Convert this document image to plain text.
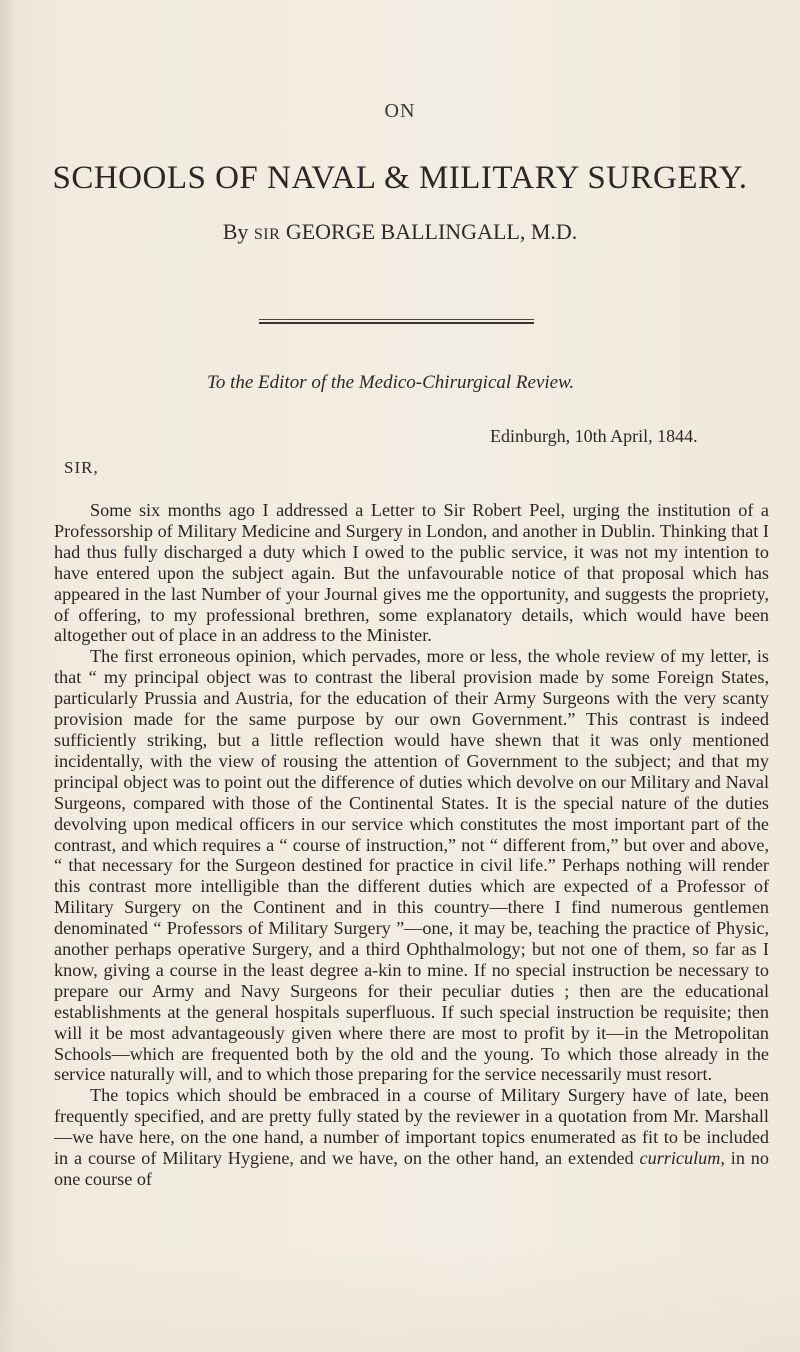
ON
SCHOOLS OF NAVAL & MILITARY SURGERY.
By SIR GEORGE BALLINGALL, M.D.
To the Editor of the Medico-Chirurgical Review.
Edinburgh, 10th April, 1844.
SIR,

Some six months ago I addressed a Letter to Sir Robert Peel, urging the institution of a Professorship of Military Medicine and Surgery in London, and another in Dublin. Thinking that I had thus fully discharged a duty which I owed to the public service, it was not my intention to have entered upon the subject again. But the unfavourable notice of that proposal which has appeared in the last Number of your Journal gives me the opportunity, and suggests the propriety, of offering, to my professional brethren, some explanatory details, which would have been altogether out of place in an address to the Minister.

The first erroneous opinion, which pervades, more or less, the whole review of my letter, is that “ my principal object was to contrast the liberal provision made by some Foreign States, particularly Prussia and Austria, for the education of their Army Surgeons with the very scanty provision made for the same purpose by our own Government.” This contrast is indeed sufficiently striking, but a little reflection would have shewn that it was only mentioned incidentally, with the view of rousing the attention of Government to the subject; and that my principal object was to point out the difference of duties which devolve on our Military and Naval Surgeons, compared with those of the Continental States. It is the special nature of the duties devolving upon medical officers in our service which constitutes the most important part of the contrast, and which requires a “ course of instruction,” not “ different from,” but over and above, “ that necessary for the Surgeon destined for practice in civil life.” Perhaps nothing will render this contrast more intelligible than the different duties which are expected of a Professor of Military Surgery on the Continent and in this country—there I find numerous gentlemen denominated “ Professors of Military Surgery ”—one, it may be, teaching the practice of Physic, another perhaps operative Surgery, and a third Ophthalmology; but not one of them, so far as I know, giving a course in the least degree a-kin to mine. If no special instruction be necessary to prepare our Army and Navy Surgeons for their peculiar duties ; then are the educational establishments at the general hospitals superfluous. If such special instruction be requisite; then will it be most advantageously given where there are most to profit by it—in the Metropolitan Schools—which are frequented both by the old and the young. To which those already in the service naturally will, and to which those preparing for the service necessarily must resort.

The topics which should be embraced in a course of Military Surgery have of late, been frequently specified, and are pretty fully stated by the reviewer in a quotation from Mr. Marshall—we have here, on the one hand, a number of important topics enumerated as fit to be included in a course of Military Hygiene, and we have, on the other hand, an extended curriculum, in no one course of
